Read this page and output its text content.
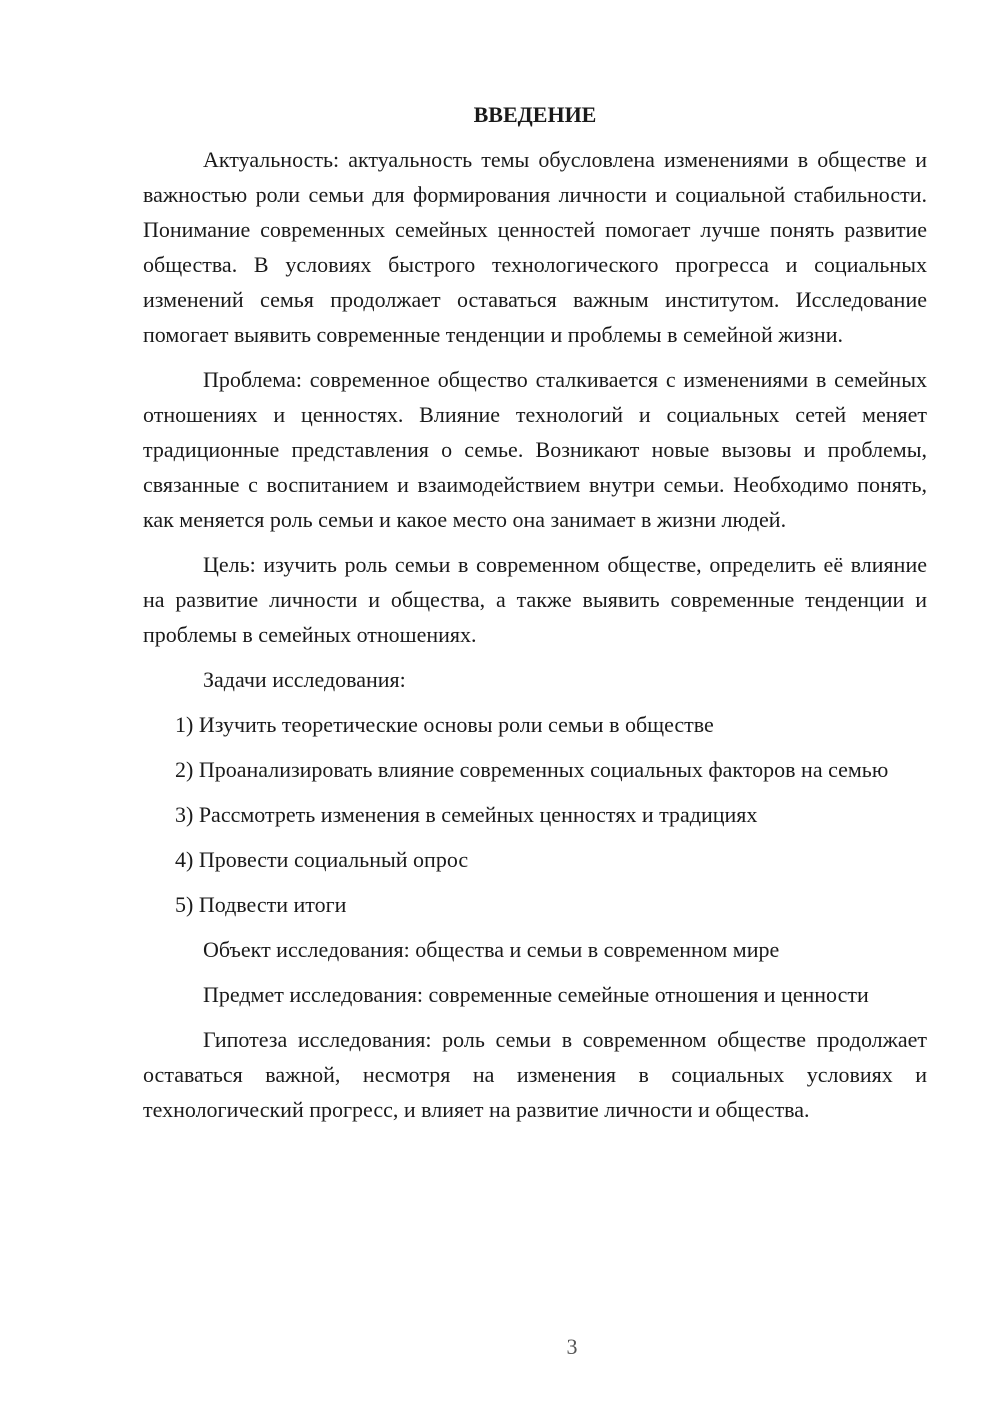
ВВЕДЕНИЕ

Актуальность: актуальность темы обусловлена изменениями в обществе и важностью роли семьи для формирования личности и социальной стабильности. Понимание современных семейных ценностей помогает лучше понять развитие общества. В условиях быстрого технологического прогресса и социальных изменений семья продолжает оставаться важным институтом. Исследование помогает выявить современные тенденции и проблемы в семейной жизни.

Проблема: современное общество сталкивается с изменениями в семейных отношениях и ценностях. Влияние технологий и социальных сетей меняет традиционные представления о семье. Возникают новые вызовы и проблемы, связанные с воспитанием и взаимодействием внутри семьи. Необходимо понять, как меняется роль семьи и какое место она занимает в жизни людей.

Цель: изучить роль семьи в современном обществе, определить её влияние на развитие личности и общества, а также выявить современные тенденции и проблемы в семейных отношениях.

Задачи исследования:

1) Изучить теоретические основы роли семьи в обществе

2) Проанализировать влияние современных социальных факторов на семью

3) Рассмотреть изменения в семейных ценностях и традициях

4) Провести социальный опрос

5) Подвести итоги

Объект исследования: общества и семьи в современном мире

Предмет исследования: современные семейные отношения и ценности

Гипотеза исследования: роль семьи в современном обществе продолжает оставаться важной, несмотря на изменения в социальных условиях и технологический прогресс, и влияет на развитие личности и общества.

3
